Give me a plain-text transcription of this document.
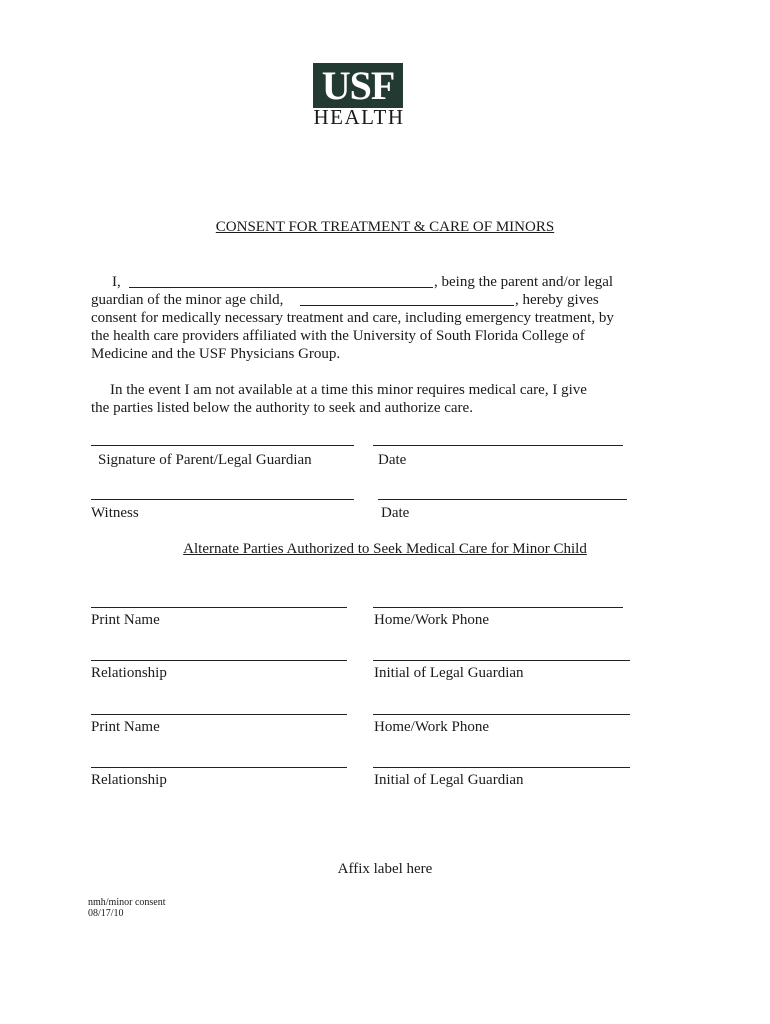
USF
HEALTH
CONSENT FOR TREATMENT & CARE OF MINORS
I,	, being the parent and/or legal
guardian of the minor age child,	, hereby gives
consent for medically necessary treatment and care, including emergency treatment, by
the health care providers affiliated with the University of South Florida College of
Medicine and the USF Physicians Group.
In the event I am not available at a time this minor requires medical care, I give
the parties listed below the authority to seek and authorize care.
Signature of Parent/Legal Guardian	Date
Witness	Date
Alternate Parties Authorized to Seek Medical Care for Minor Child
Print Name	Home/Work Phone
Relationship	Initial of Legal Guardian
Print Name	Home/Work Phone
Relationship	Initial of Legal Guardian
Affix label here
nmh/minor consent
08/17/10
